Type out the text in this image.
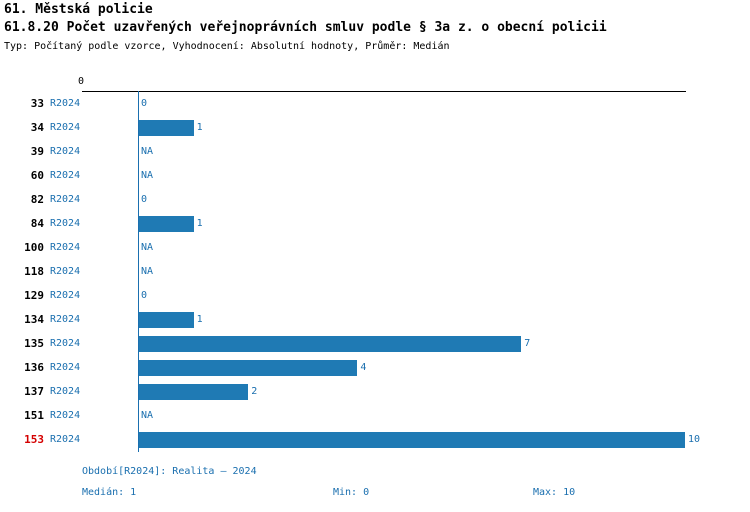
61. Městská policie
61.8.20 Počet uzavřených veřejnoprávních smluv podle § 3a z. o obecní policii
Typ: Počítaný podle vzorce, Vyhodnocení: Absolutní hodnoty, Průměr: Medián
0
33 R2024	0
34 R2024	1
39 R2024	NA
60 R2024	NA
82 R2024	0
84 R2024	1
100 R2024	NA
118 R2024	NA
129 R2024	0
134 R2024	1
135 R2024	7
136 R2024	4
137 R2024	2
151 R2024	NA
153 R2024	10
Období[R2024]: Realita – 2024
Medián: 1	Min: 0	Max: 10
